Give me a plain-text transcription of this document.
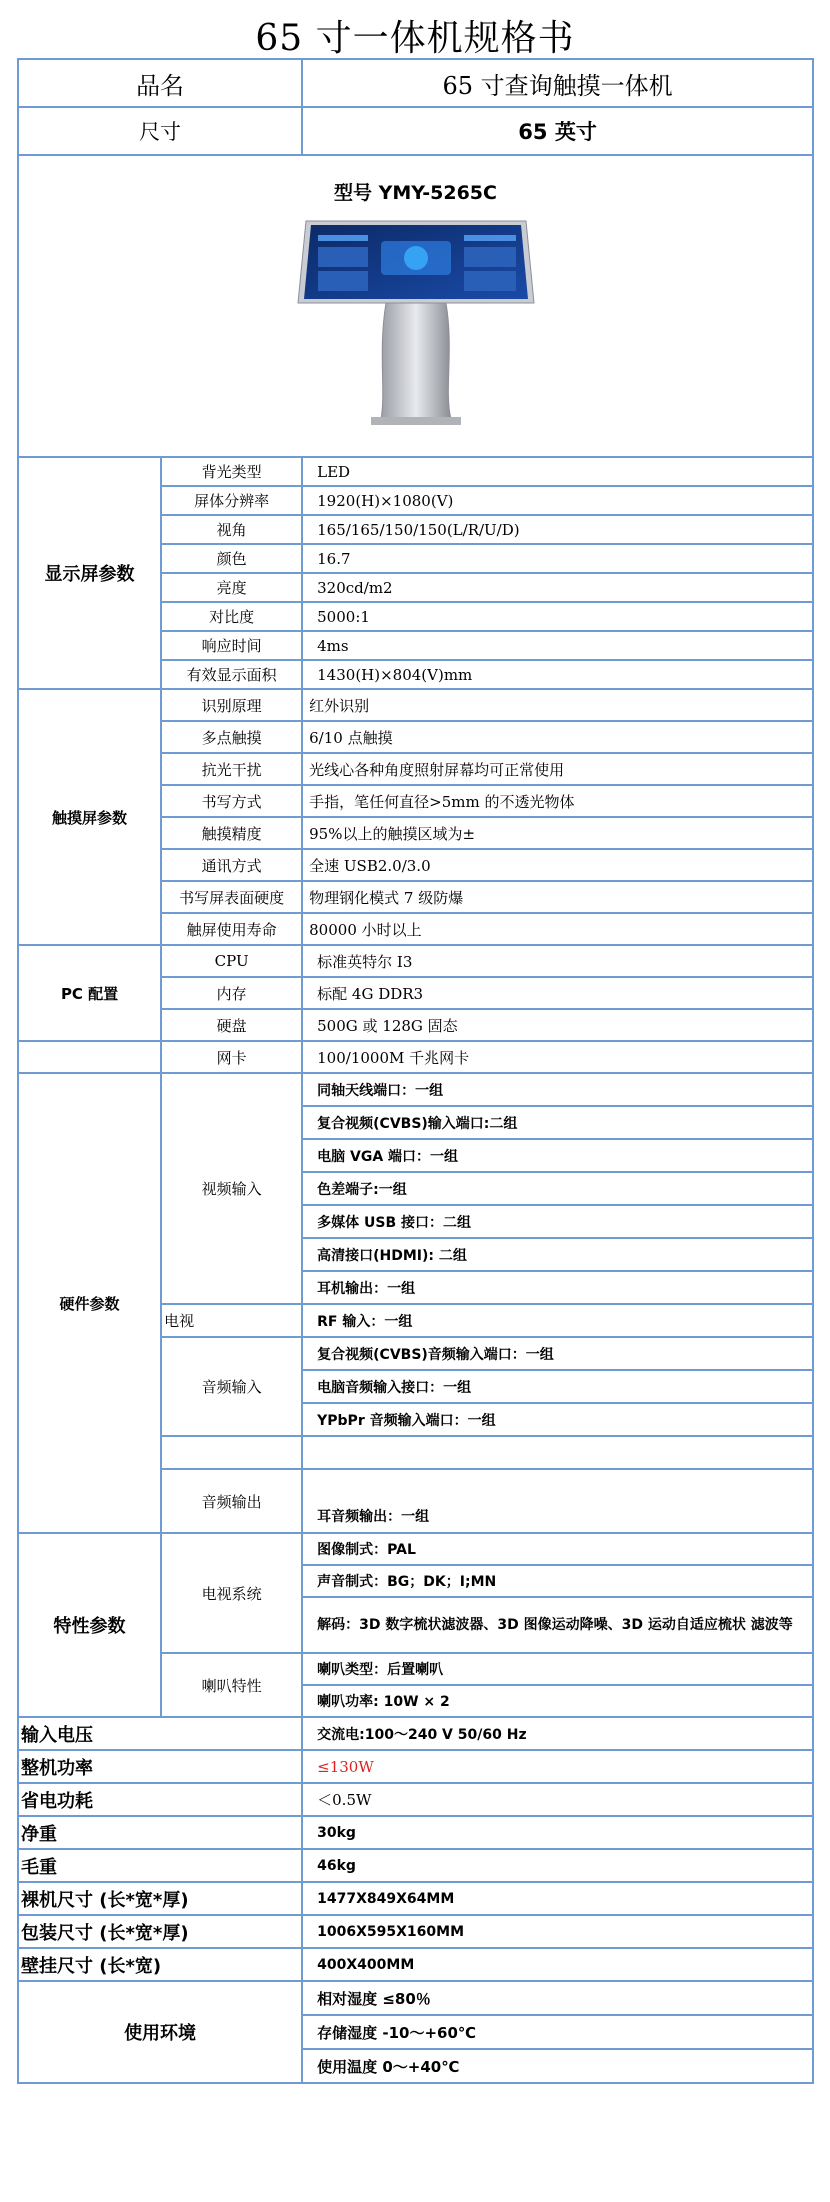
65 寸一体机规格书
品名		65 寸查询触摸一体机
尺寸		65 英寸

型号 YMY-5265C		

显示屏参数	背光类型	LED
	屏体分辨率	1920(H)×1080(V)
	视角	165/165/150/150(L/R/U/D)
	颜色	16.7
	亮度	320cd/m2
	对比度	5000:1
	响应时间	4ms
	有效显示面积	1430(H)×804(V)mm
触摸屏参数	识别原理	红外识别
	多点触摸	6/10 点触摸
	抗光干扰	光线心各种角度照射屏幕均可正常使用
	书写方式	手指，笔任何直径>5mm 的不透光物体
	触摸精度	95%以上的触摸区域为±
	通讯方式	全速 USB2.0/3.0
	书写屏表面硬度	物理钢化模式 7 级防爆
	触屏使用寿命	80000 小时以上
PC 配置	CPU	标准英特尔 I3
	内存	标配 4G DDR3
	硬盘	500G 或 128G 固态
	网卡	100/1000M 千兆网卡
硬件参数	视频输入	同轴天线端口：一组
		复合视频(CVBS)输入端口:二组
		电脑 VGA 端口：一组
		色差端子:一组
		多媒体 USB 接口：二组
		高清接口(HDMI): 二组
		耳机输出：一组
	电视	RF 输入：一组
	音频输入	复合视频(CVBS)音频输入端口：一组
		电脑音频输入接口：一组
		YPbPr 音频输入端口：一组

	音频输出	耳音频输出：一组
特性参数	电视系统	图像制式：PAL
		声音制式：BG；DK；I;MN
		解码：3D 数字梳状滤波器、3D 图像运动降噪、3D 运动自适应梳状 滤波等
	喇叭特性	喇叭类型：后置喇叭
		喇叭功率: 10W × 2
输入电压		交流电:100～240 V 50/60 Hz
整机功率		≤130W
省电功耗		＜0.5W
净重		30kg
毛重		46kg
裸机尺寸 (长*宽*厚)		1477X849X64MM
包装尺寸 (长*宽*厚)		1006X595X160MM
壁挂尺寸 (长*宽)		400X400MM
使用环境		相对湿度 ≤80％
		存储湿度 -10～+60℃
		使用温度 0～+40℃
